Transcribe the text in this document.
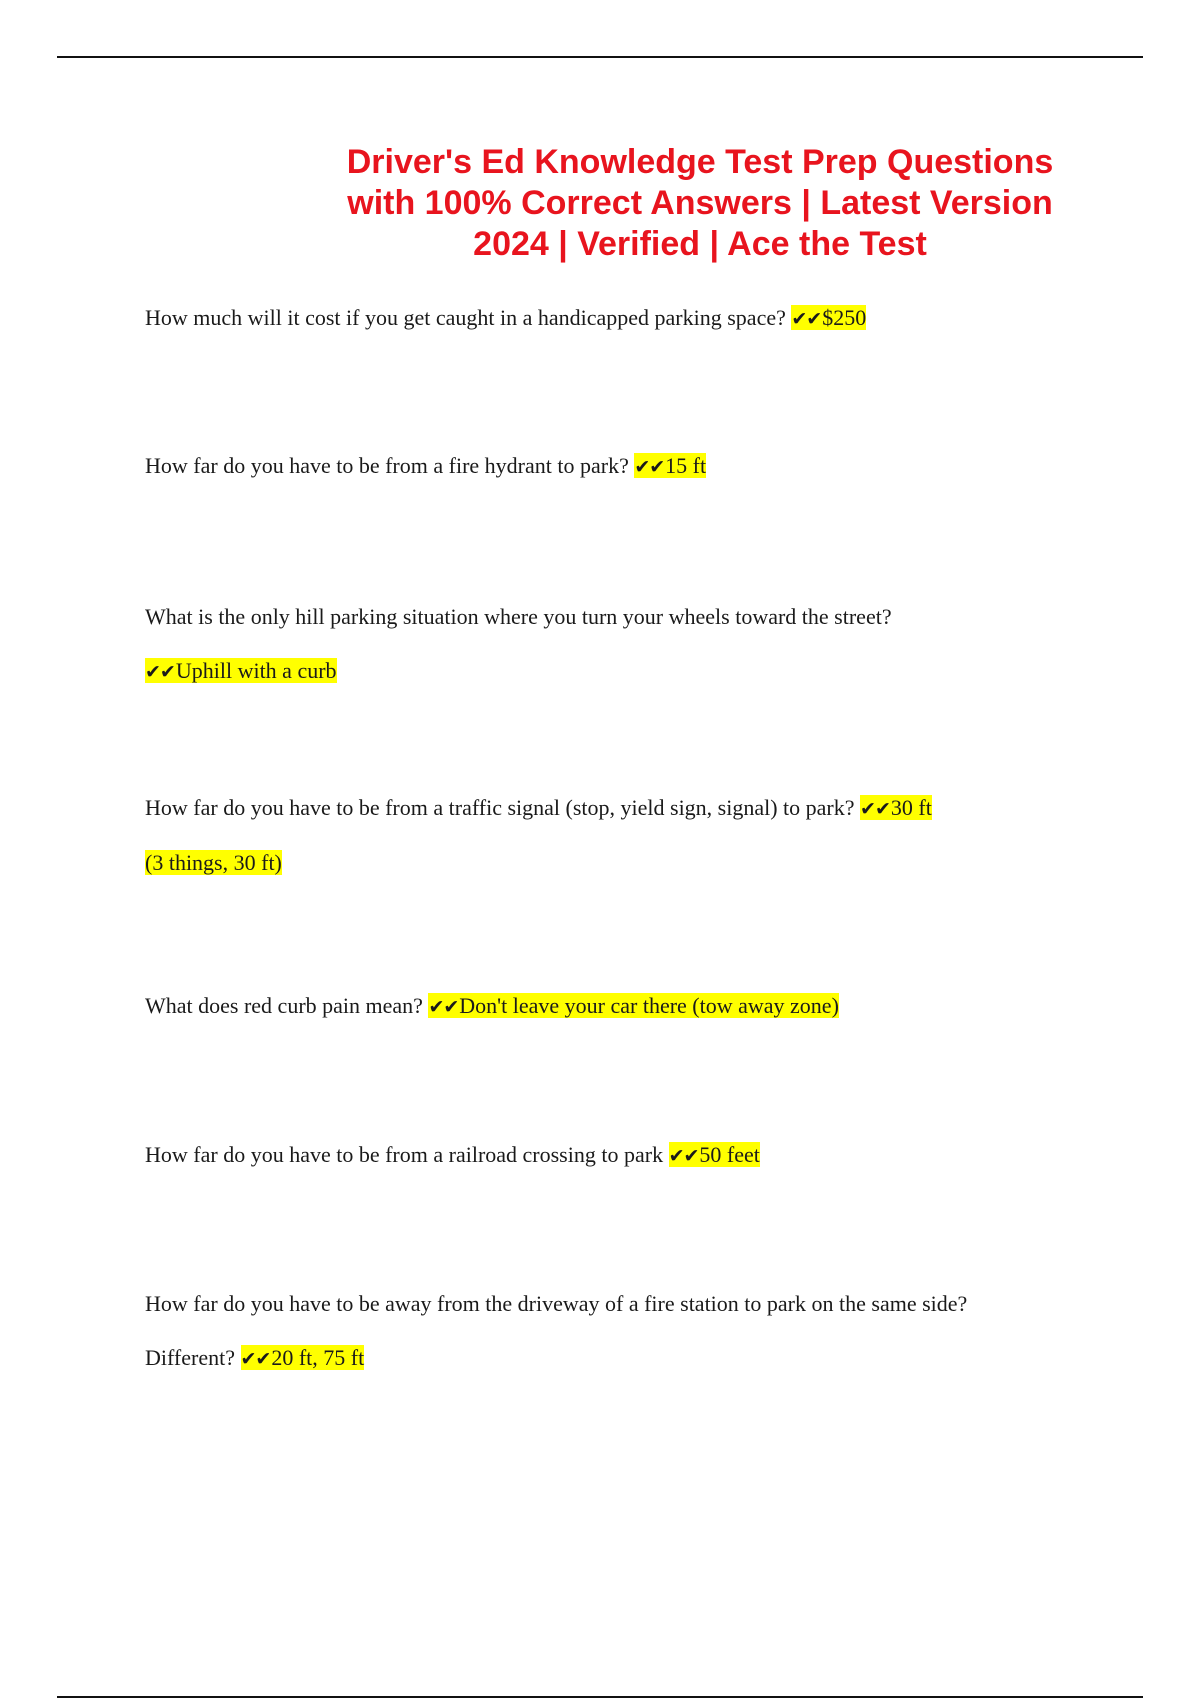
Driver's Ed Knowledge Test Prep Questions
with 100% Correct Answers | Latest Version
2024 | Verified | Ace the Test

How much will it cost if you get caught in a handicapped parking space? ✔✔$250

How far do you have to be from a fire hydrant to park? ✔✔15 ft

What is the only hill parking situation where you turn your wheels toward the street?
✔✔Uphill with a curb

How far do you have to be from a traffic signal (stop, yield sign, signal) to park? ✔✔30 ft
(3 things, 30 ft)

What does red curb pain mean? ✔✔Don't leave your car there (tow away zone)

How far do you have to be from a railroad crossing to park ✔✔50 feet

How far do you have to be away from the driveway of a fire station to park on the same side?
Different? ✔✔20 ft, 75 ft
